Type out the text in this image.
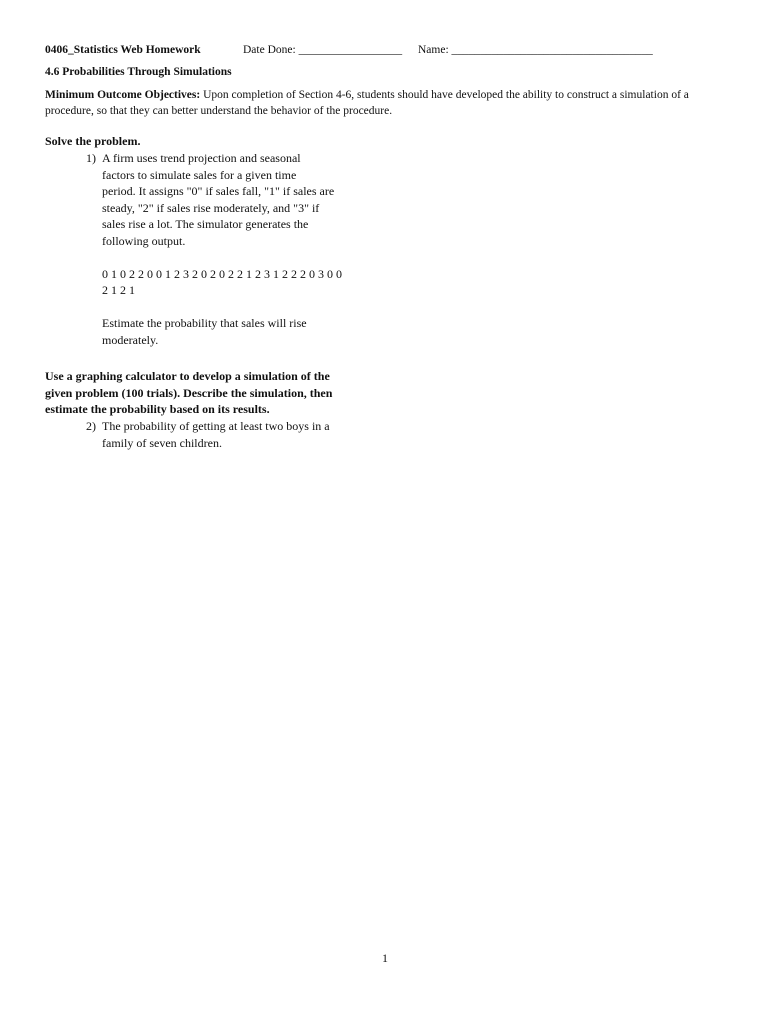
0406_Statistics Web Homework	Date Done: __________________ Name: ___________________________________
4.6 Probabilities Through Simulations
Minimum Outcome Objectives: Upon completion of Section 4-6, students should have developed the ability to construct a simulation of a procedure, so that they can better understand the behavior of the procedure.
Solve the problem.
1) A firm uses trend projection and seasonal
factors to simulate sales for a given time
period. It assigns "0" if sales fall, "1" if sales are
steady, "2" if sales rise moderately, and "3" if
sales rise a lot. The simulator generates the
following output.
0 1 0 2 2 0 0 1 2 3 2 0 2 0 2 2 1 2 3 1 2 2 2 0 3 0 0
2 1 2 1
Estimate the probability that sales will rise
moderately.
Use a graphing calculator to develop a simulation of the
given problem (100 trials). Describe the simulation, then
estimate the probability based on its results.
2) The probability of getting at least two boys in a
family of seven children.
1
